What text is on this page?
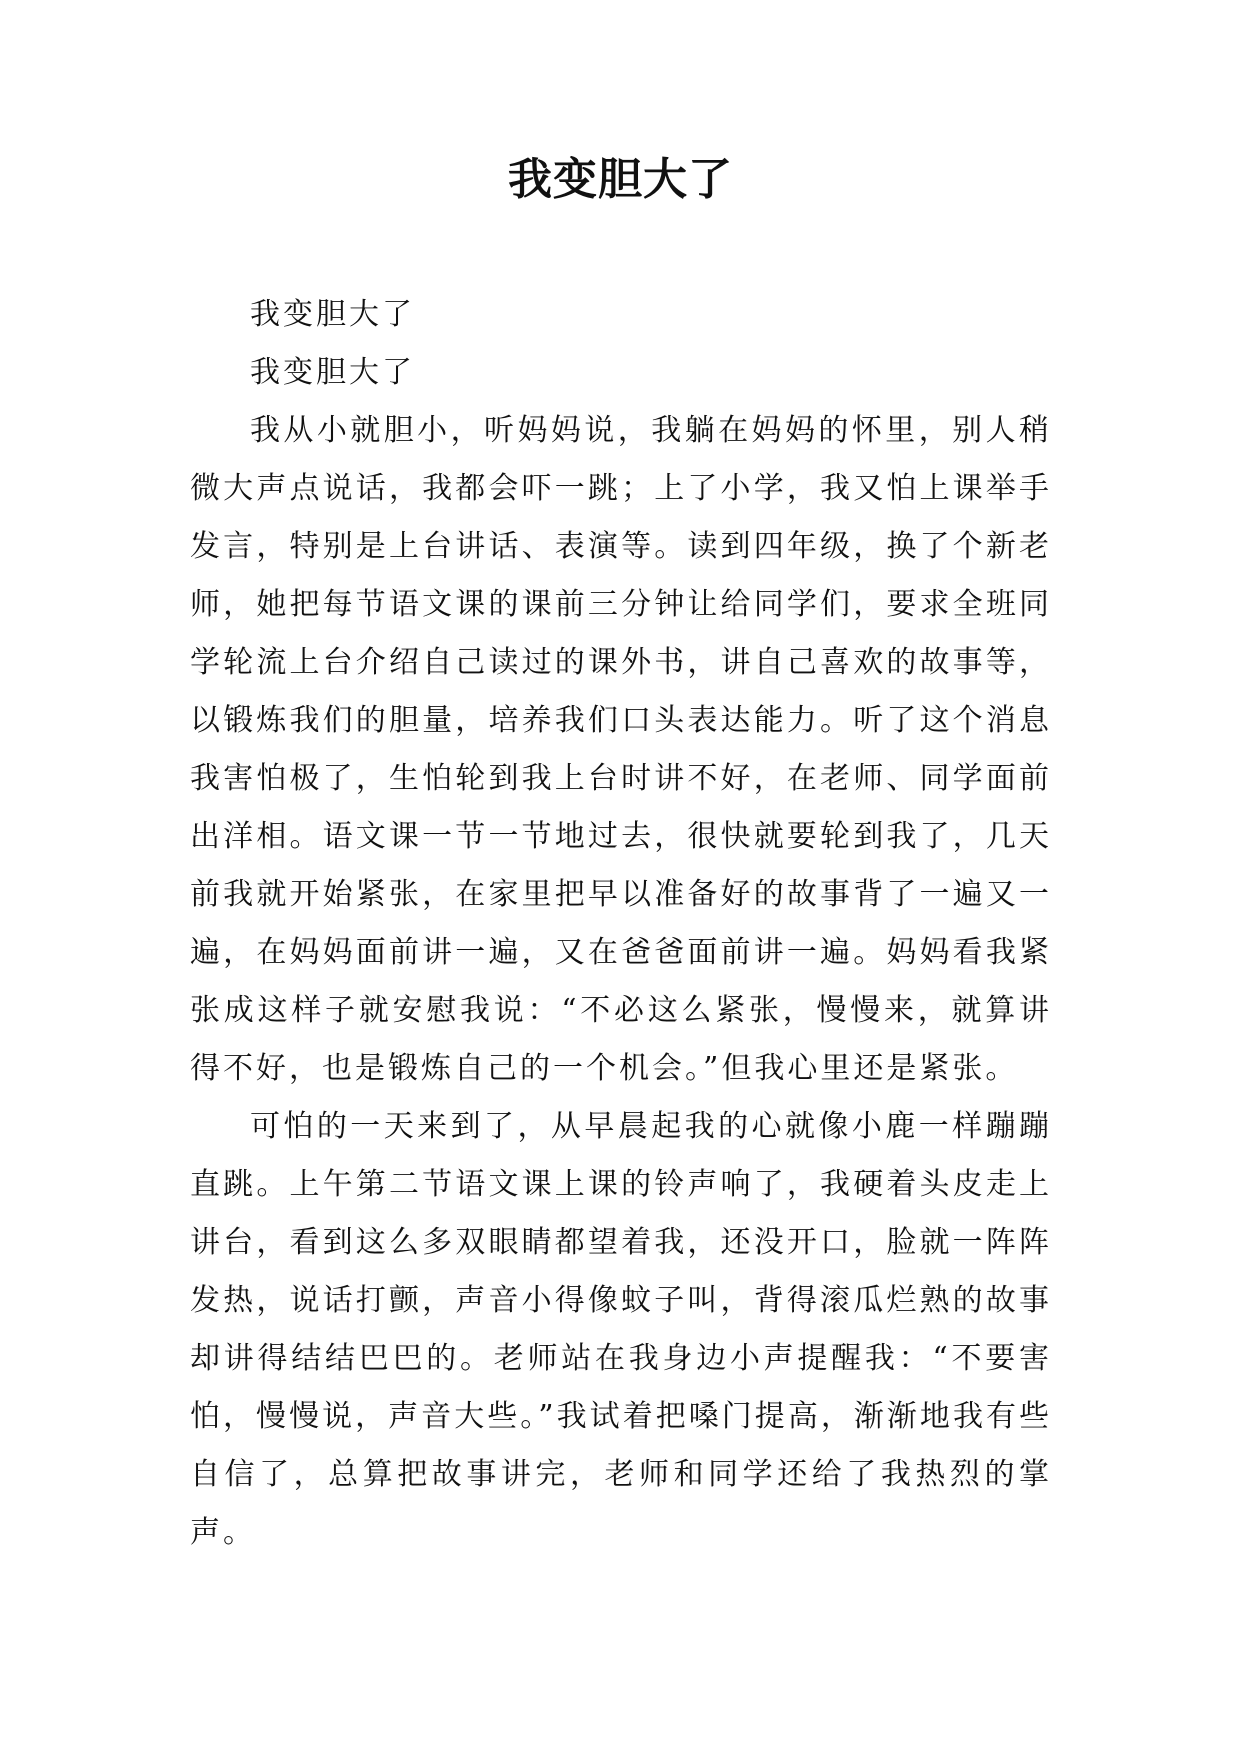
我变胆大了

我变胆大了

我变胆大了

我从小就胆小，听妈妈说，我躺在妈妈的怀里，别人稍微大声点说话，我都会吓一跳；上了小学，我又怕上课举手发言，特别是上台讲话、表演等。读到四年级，换了个新老师，她把每节语文课的课前三分钟让给同学们，要求全班同学轮流上台介绍自己读过的课外书，讲自己喜欢的故事等，以锻炼我们的胆量，培养我们口头表达能力。听了这个消息我害怕极了，生怕轮到我上台时讲不好，在老师、同学面前出洋相。语文课一节一节地过去，很快就要轮到我了，几天前我就开始紧张，在家里把早以准备好的故事背了一遍又一遍，在妈妈面前讲一遍，又在爸爸面前讲一遍。妈妈看我紧张成这样子就安慰我说：“不必这么紧张，慢慢来，就算讲得不好，也是锻炼自己的一个机会。”但我心里还是紧张。

可怕的一天来到了，从早晨起我的心就像小鹿一样蹦蹦直跳。上午第二节语文课上课的铃声响了，我硬着头皮走上讲台，看到这么多双眼睛都望着我，还没开口，脸就一阵阵发热，说话打颤，声音小得像蚊子叫，背得滚瓜烂熟的故事却讲得结结巴巴的。老师站在我身边小声提醒我：“不要害怕，慢慢说，声音大些。”我试着把嗓门提高，渐渐地我有些自信了，总算把故事讲完，老师和同学还给了我热烈的掌声。
